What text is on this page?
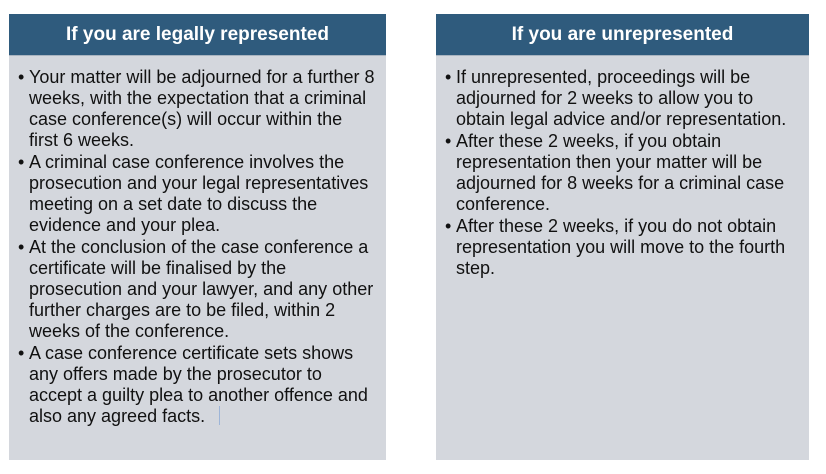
If you are legally represented
• Your matter will be adjourned for a further 8 weeks, with the expectation that a criminal case conference(s) will occur within the first 6 weeks.
• A criminal case conference involves the prosecution and your legal representatives meeting on a set date to discuss the evidence and your plea.
• At the conclusion of the case conference a certificate will be finalised by the prosecution and your lawyer, and any other further charges are to be filed, within 2 weeks of the conference.
• A case conference certificate sets shows any offers made by the prosecutor to accept a guilty plea to another offence and also any agreed facts.
If you are unrepresented
• If unrepresented, proceedings will be adjourned for 2 weeks to allow you to obtain legal advice and/or representation.
• After these 2 weeks, if you obtain representation then your matter will be adjourned for 8 weeks for a criminal case conference.
• After these 2 weeks, if you do not obtain representation you will move to the fourth step.
